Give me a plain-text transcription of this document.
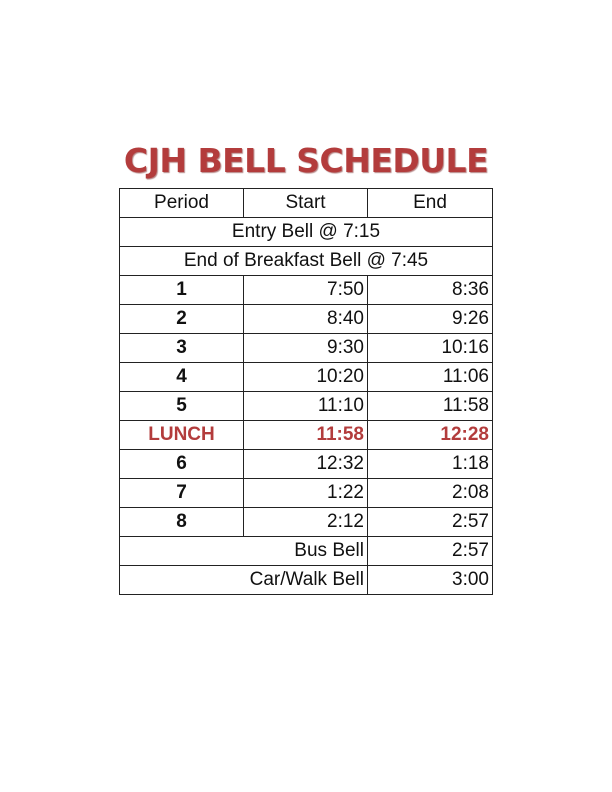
CJH BELL SCHEDULE
Period	Start	End
Entry Bell @ 7:15		
End of Breakfast Bell @ 7:45		
1	7:50	8:36
2	8:40	9:26
3	9:30	10:16
4	10:20	11:06
5	11:10	11:58
LUNCH	11:58	12:28
6	12:32	1:18
7	1:22	2:08
8	2:12	2:57
Bus Bell		2:57
Car/Walk Bell		3:00
